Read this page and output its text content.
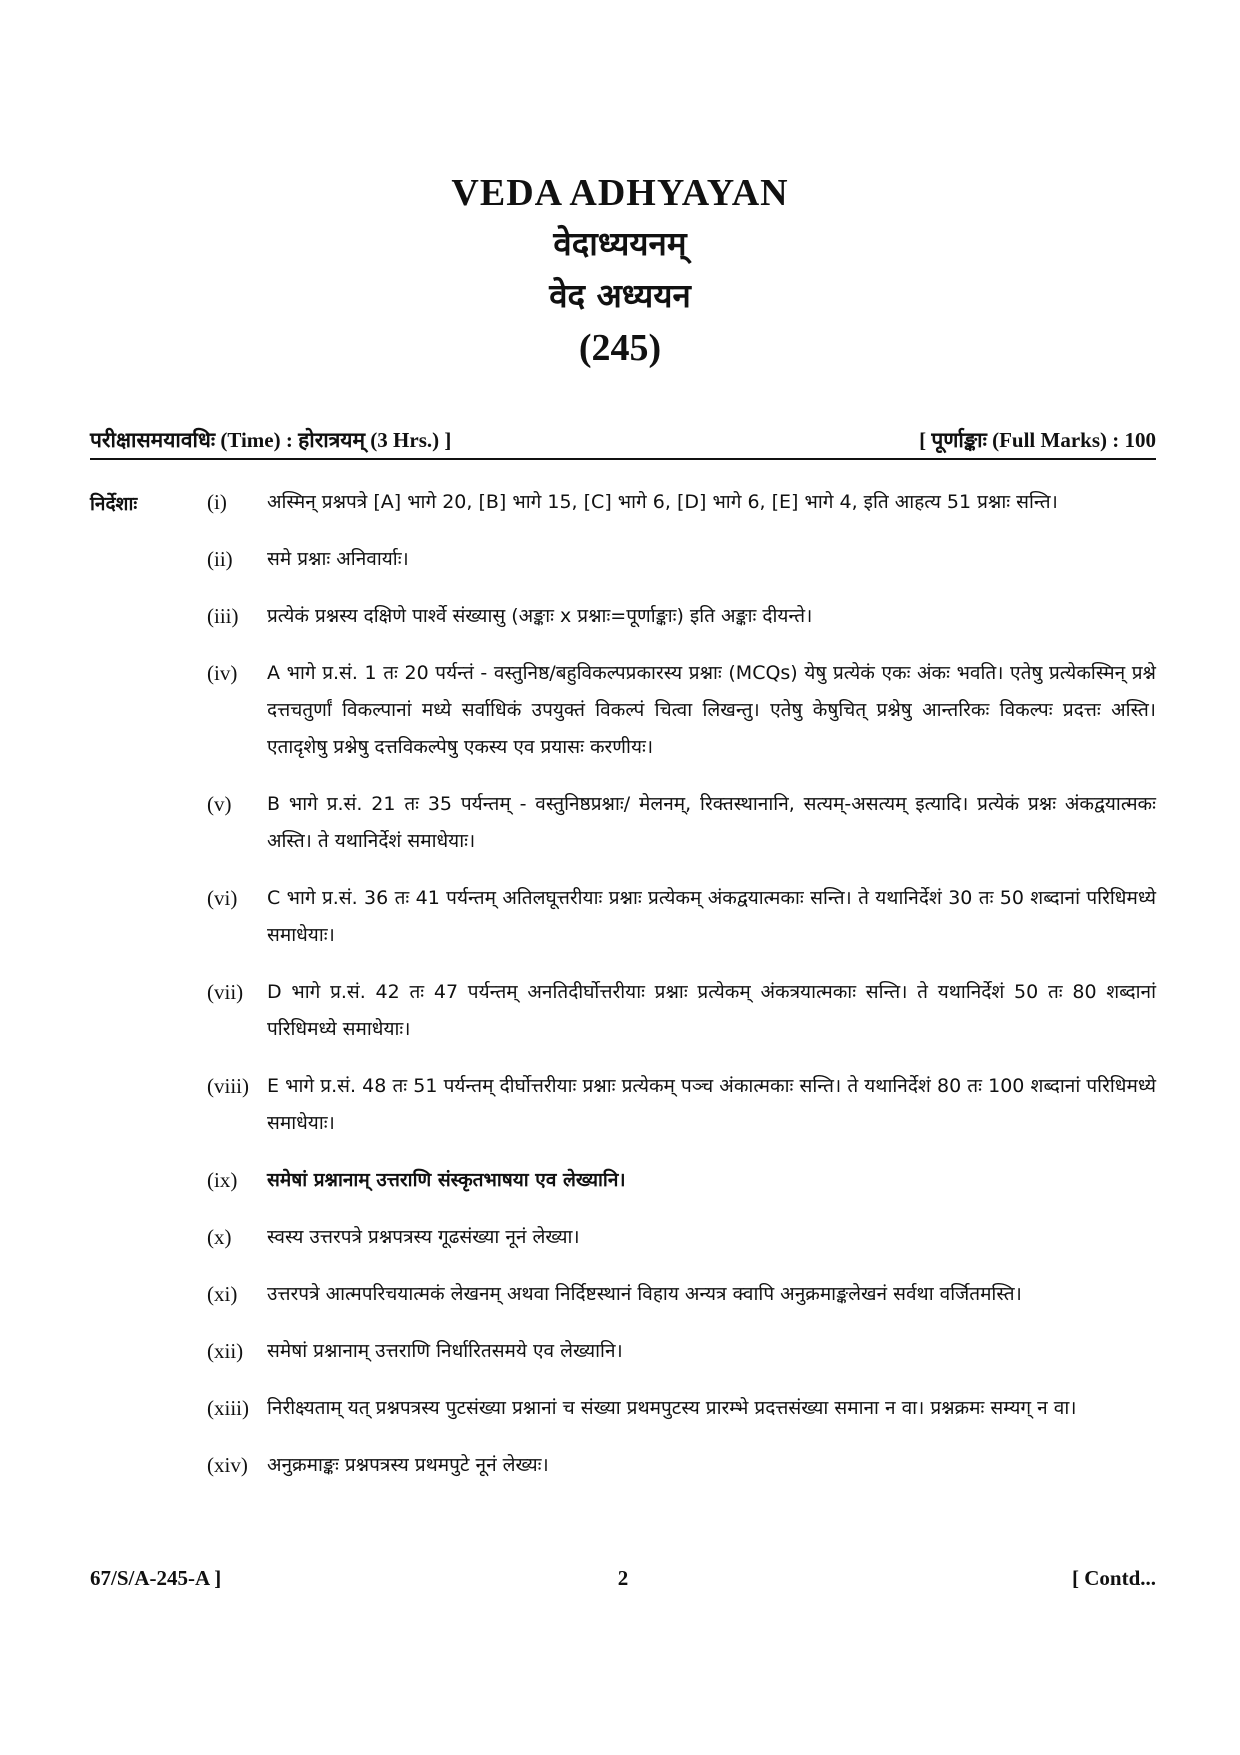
VEDA ADHYAYAN
वेदाध्ययनम्
वेद अध्ययन
(245)
परीक्षासमयावधिः (Time) : होरात्रयम् (3 Hrs.) ]	[ पूर्णाङ्काः (Full Marks) : 100
निर्देशाः	(i)	अस्मिन् प्रश्नपत्रे [A] भागे 20, [B] भागे 15, [C] भागे 6, [D] भागे 6, [E] भागे 4, इति आहत्य 51 प्रश्नाः सन्ति।
(ii)	समे प्रश्नाः अनिवार्याः।
(iii)	प्रत्येकं प्रश्नस्य दक्षिणे पार्श्वे संख्यासु (अङ्काः x प्रश्नाः=पूर्णाङ्काः) इति अङ्काः दीयन्ते।
(iv)	A भागे प्र.सं. 1 तः 20 पर्यन्तं - वस्तुनिष्ठ/बहुविकल्पप्रकारस्य प्रश्नाः (MCQs) येषु प्रत्येकं एकः अंकः भवति। एतेषु प्रत्येकस्मिन् प्रश्ने दत्तचतुर्णां विकल्पानां मध्ये सर्वाधिकं उपयुक्तं विकल्पं चित्वा लिखन्तु। एतेषु केषुचित् प्रश्नेषु आन्तरिकः विकल्पः प्रदत्तः अस्ति। एतादृशेषु प्रश्नेषु दत्तविकल्पेषु एकस्य एव प्रयासः करणीयः।
(v)	B भागे प्र.सं. 21 तः 35 पर्यन्तम् - वस्तुनिष्ठप्रश्नाः/ मेलनम्, रिक्तस्थानानि, सत्यम्-असत्यम् इत्यादि। प्रत्येकं प्रश्नः अंकद्वयात्मकः अस्ति। ते यथानिर्देशं समाधेयाः।
(vi)	C भागे प्र.सं. 36 तः 41 पर्यन्तम् अतिलघूत्तरीयाः प्रश्नाः प्रत्येकम् अंकद्वयात्मकाः सन्ति। ते यथानिर्देशं 30 तः 50 शब्दानां परिधिमध्ये समाधेयाः।
(vii)	D भागे प्र.सं. 42 तः 47 पर्यन्तम् अनतिदीर्घोत्तरीयाः प्रश्नाः प्रत्येकम् अंकत्रयात्मकाः सन्ति। ते यथानिर्देशं 50 तः 80 शब्दानां परिधिमध्ये समाधेयाः।
(viii) E भागे प्र.सं. 48 तः 51 पर्यन्तम् दीर्घोत्तरीयाः प्रश्नाः प्रत्येकम् पञ्च अंकात्मकाः सन्ति। ते यथानिर्देशं 80 तः 100 शब्दानां परिधिमध्ये समाधेयाः।
(ix)	समेषां प्रश्नानाम् उत्तराणि संस्कृतभाषया एव लेख्यानि।
(x)	स्वस्य उत्तरपत्रे प्रश्नपत्रस्य गूढसंख्या नूनं लेख्या।
(xi)	उत्तरपत्रे आत्मपरिचयात्मकं लेखनम् अथवा निर्दिष्टस्थानं विहाय अन्यत्र क्वापि अनुक्रमाङ्कलेखनं सर्वथा वर्जितमस्ति।
(xii)	समेषां प्रश्नानाम् उत्तराणि निर्धारितसमये एव लेख्यानि।
(xiii) निरीक्ष्यताम् यत् प्रश्नपत्रस्य पुटसंख्या प्रश्नानां च संख्या प्रथमपुटस्य प्रारम्भे प्रदत्तसंख्या समाना न वा। प्रश्नक्रमः सम्यग् न वा।
(xiv)	अनुक्रमाङ्कः प्रश्नपत्रस्य प्रथमपुटे नूनं लेख्यः।
67/S/A-245-A ]	2	[ Contd...
